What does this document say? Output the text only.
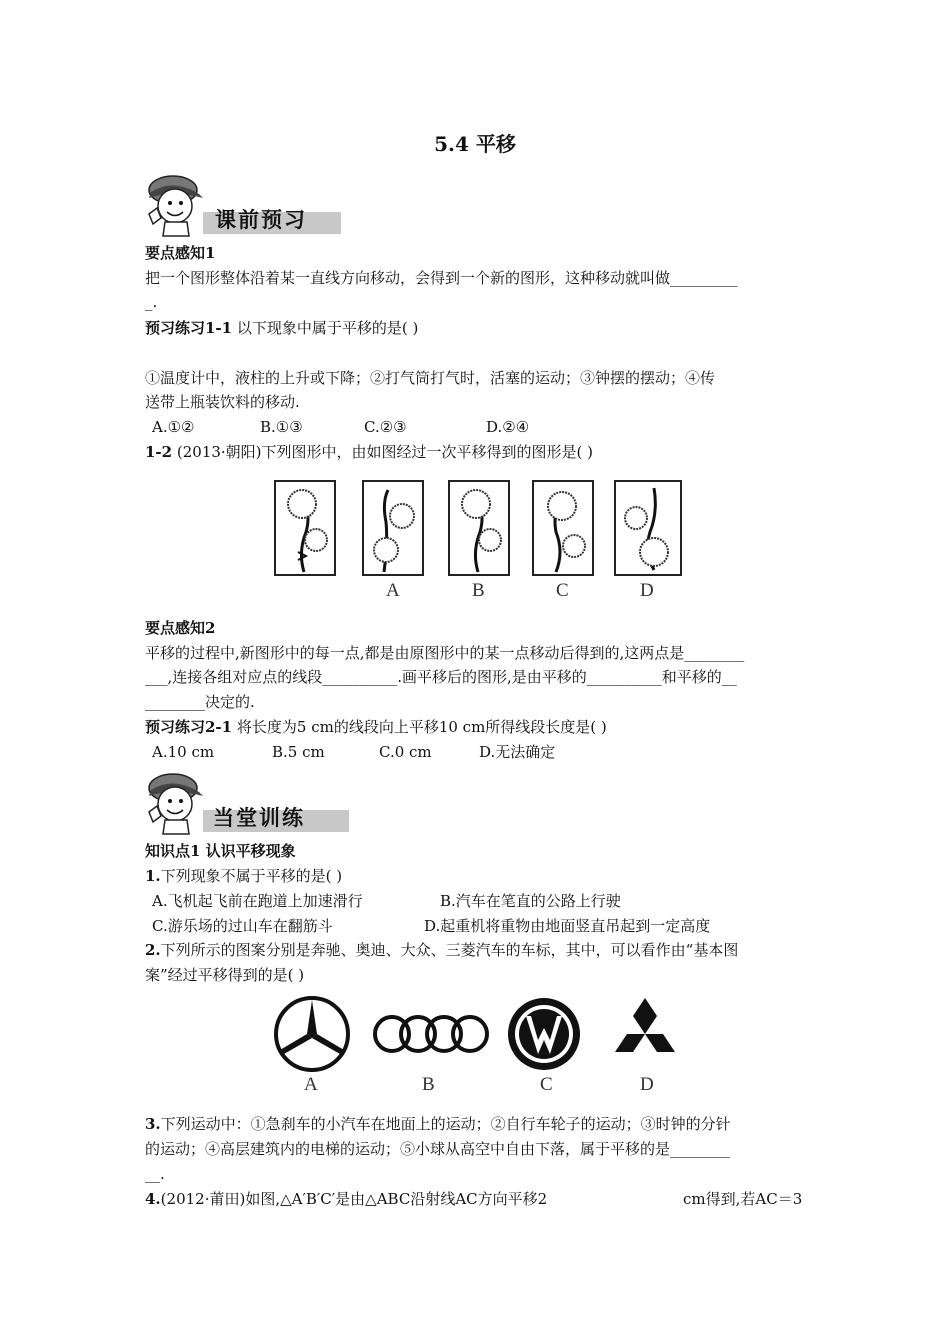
5.4 平移
课前预习
要点感知1
把一个图形整体沿着某一直线方向移动，会得到一个新的图形，这种移动就叫做_________
_.
预习练习1-1 以下现象中属于平移的是( )
①温度计中，液柱的上升或下降；②打气筒打气时，活塞的运动；③钟摆的摆动；④传
送带上瓶装饮料的移动.
A.①②	B.①③	C.②③	D.②④
1-2 (2013·朝阳)下列图形中，由如图经过一次平移得到的图形是( )
A	B	C	D
要点感知2
平移的过程中,新图形中的每一点,都是由原图形中的某一点移动后得到的,这两点是________
___,连接各组对应点的线段__________.画平移后的图形,是由平移的__________和平移的__
________决定的.
预习练习2-1 将长度为5 cm的线段向上平移10 cm所得线段长度是( )
A.10 cm	B.5 cm	C.0 cm	D.无法确定
当堂训练
知识点1 认识平移现象
1.下列现象不属于平移的是( )
A.飞机起飞前在跑道上加速滑行	B.汽车在笔直的公路上行驶
C.游乐场的过山车在翻筋斗	D.起重机将重物由地面竖直吊起到一定高度
2.下列所示的图案分别是奔驰、奥迪、大众、三菱汽车的车标，其中，可以看作由“基本图
案”经过平移得到的是( )
A	B	C	D
3.下列运动中：①急刹车的小汽车在地面上的运动；②自行车轮子的运动；③时钟的分针
的运动；④高层建筑内的电梯的运动；⑤小球从高空中自由下落，属于平移的是________
__.
4.(2012·莆田)如图,△A′B′C′是由△ABC沿射线AC方向平移2	cm得到,若AC＝3
